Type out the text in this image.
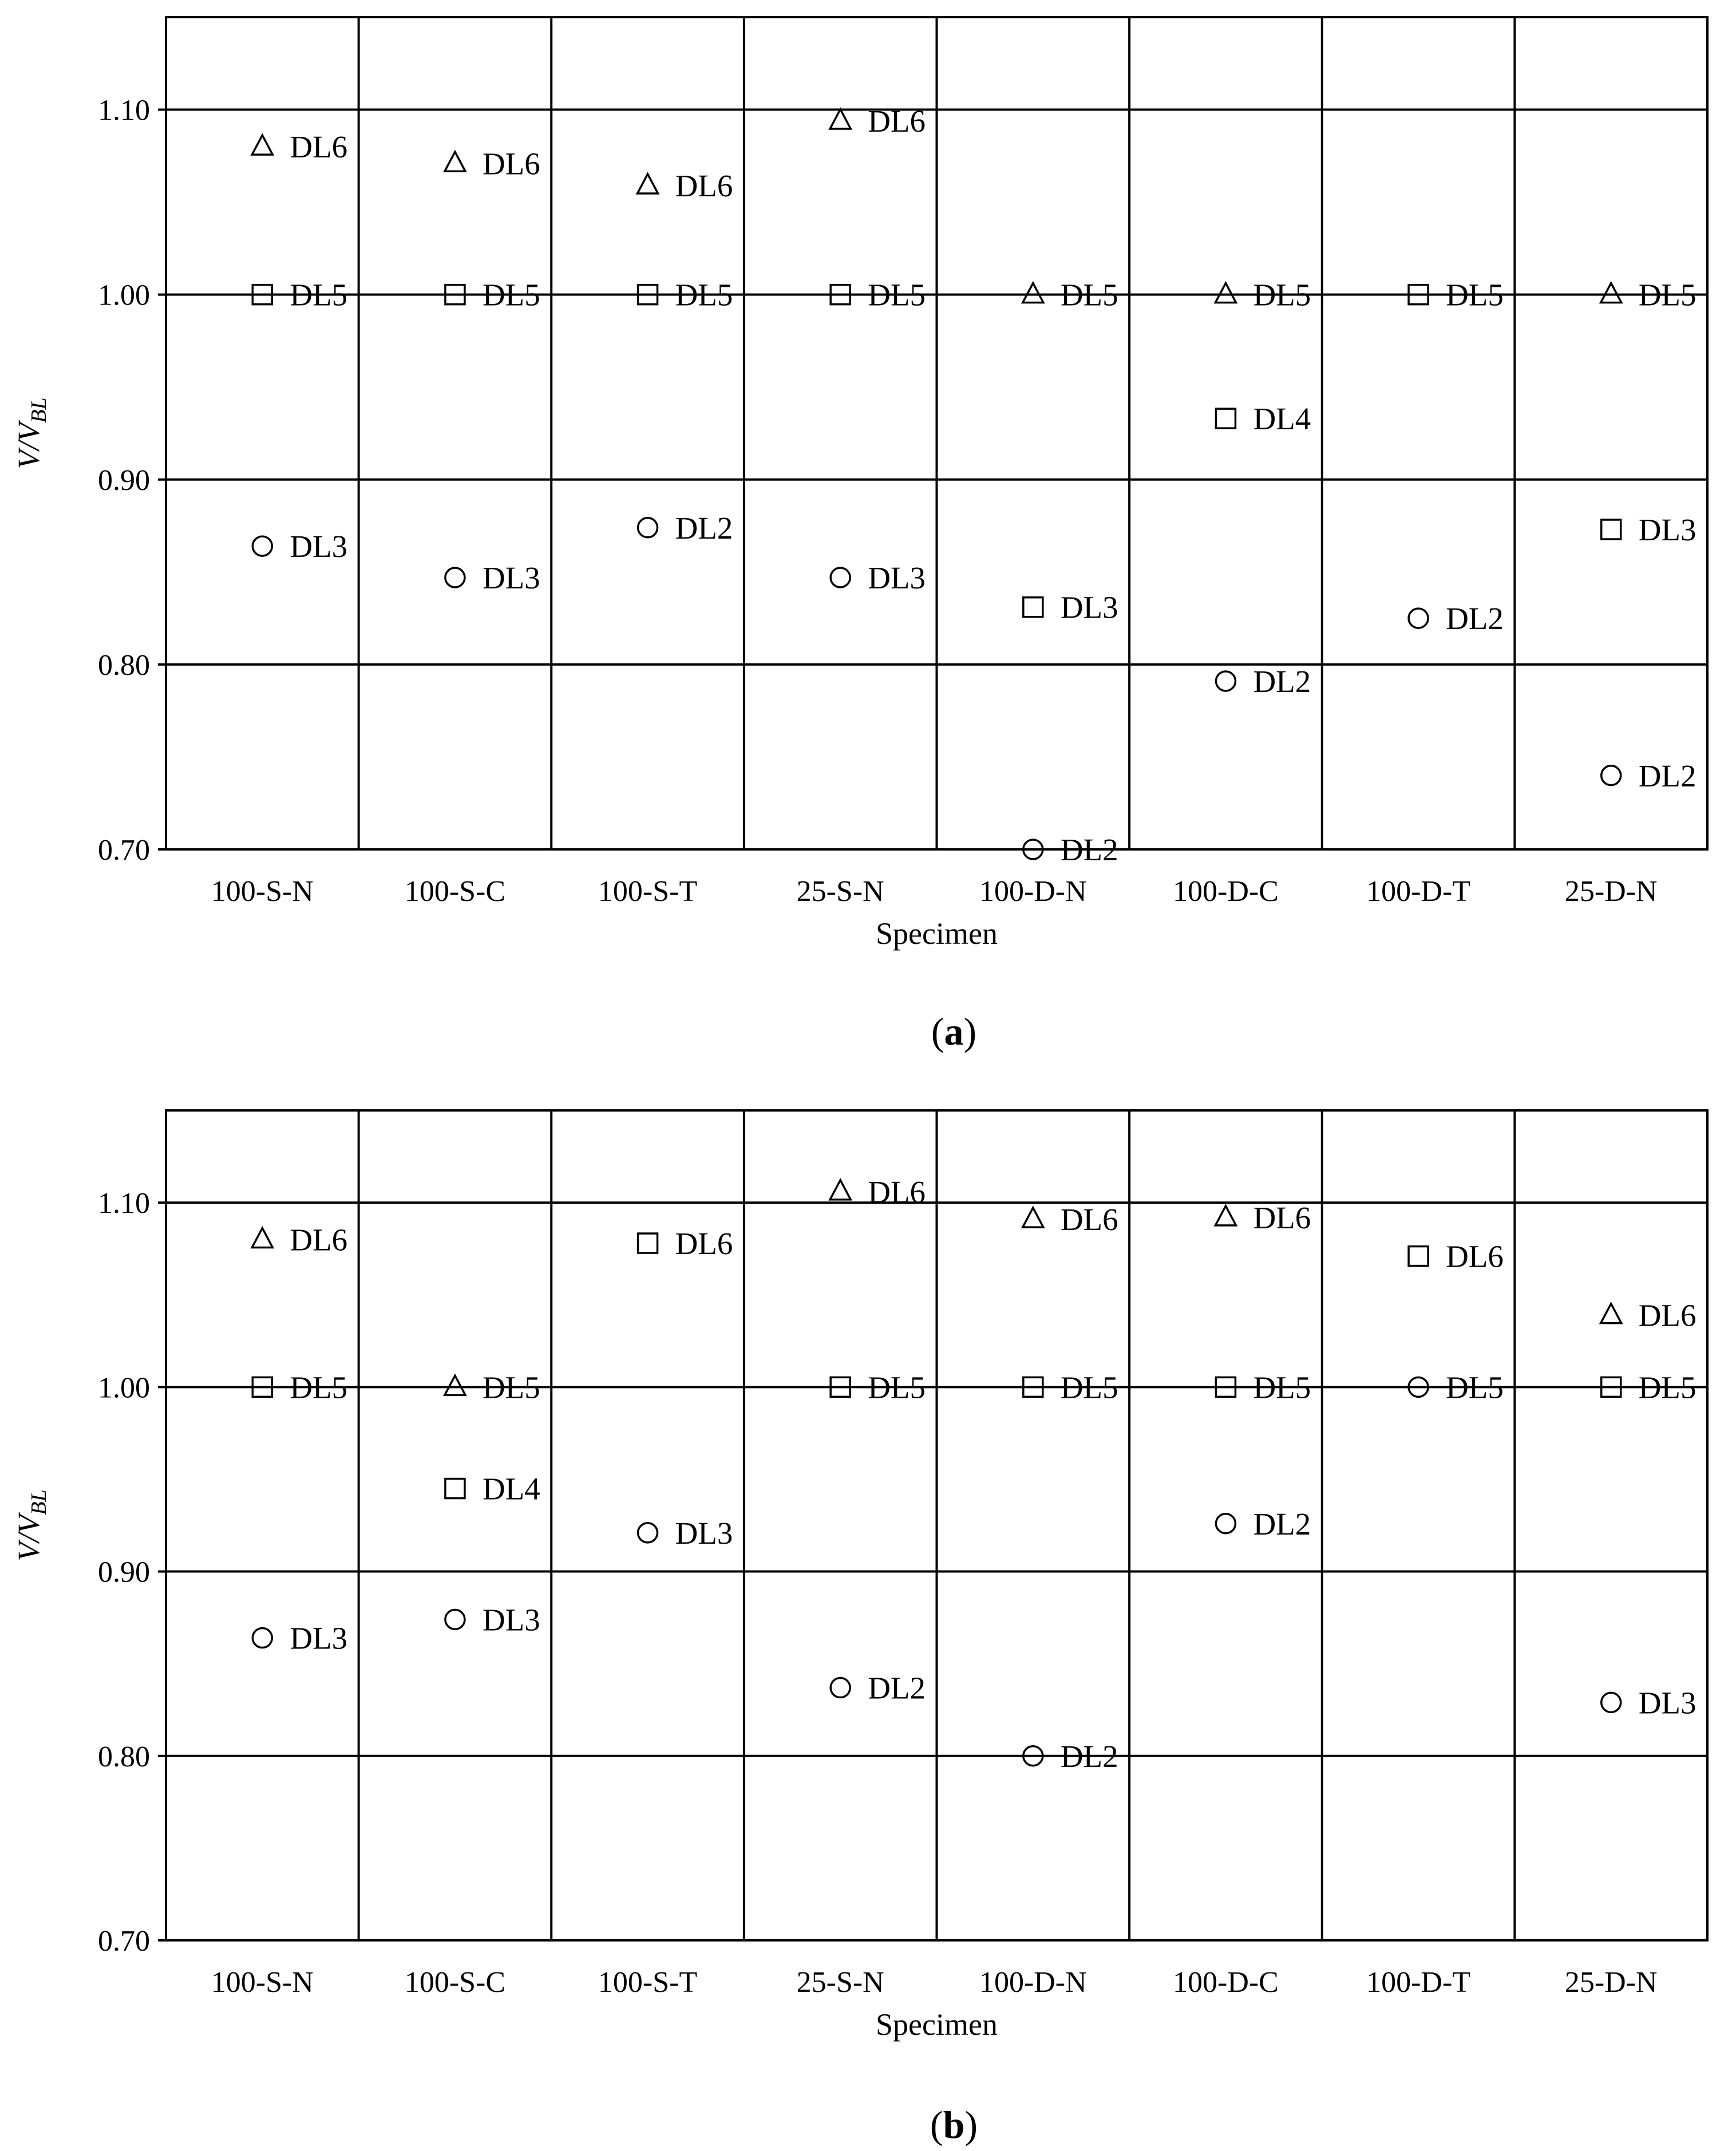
0.70
0.80
0.90
1.00
1.10
100-S-N	100-S-C	100-S-T	25-S-N	100-D-N	100-D-C	100-D-T	25-D-N
Specimen
$V/V_{BL}$
DL6
DL5
DL3
DL6
DL5
DL3
DL6
DL5
DL2
DL6
DL5
DL3
DL5
DL3
DL2
DL5
DL4
DL2
DL5
DL2
DL5
DL3
DL2
(a)
0.70
0.80
0.90
1.00
1.10
100-S-N	100-S-C	100-S-T	25-S-N	100-D-N	100-D-C	100-D-T	25-D-N
Specimen
$V/V_{BL}$
DL6
DL5
DL3
DL5
DL4
DL3
DL6
DL3
DL6
DL5
DL2
DL6
DL5
DL2
DL6
DL5
DL2
DL6
DL5
DL6
DL5
DL3
(b)
